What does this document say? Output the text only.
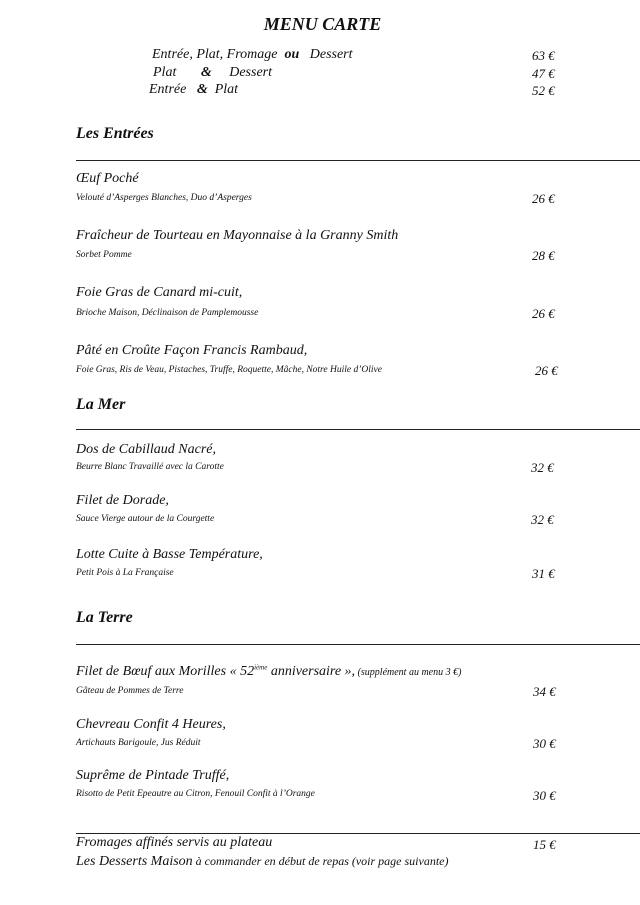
MENU CARTE
Entrée, Plat, Fromage ou Dessert	63 €
Plat & Dessert	47 €
Entrée & Plat	52 €
Les Entrées
Œuf Poché
Velouté d’Asperges Blanches, Duo d’Asperges	26 €
Fraîcheur de Tourteau en Mayonnaise à la Granny Smith
Sorbet Pomme	28 €
Foie Gras de Canard mi-cuit,
Brioche Maison, Déclinaison de Pamplemousse	26 €
Pâté en Croûte Façon Francis Rambaud,
Foie Gras, Ris de Veau, Pistaches, Truffe, Roquette, Mâche, Notre Huile d’Olive	26 €
La Mer
Dos de Cabillaud Nacré,
Beurre Blanc Travaillé avec la Carotte	32 €
Filet de Dorade,
Sauce Vierge autour de la Courgette	32 €
Lotte Cuite à Basse Température,
Petit Pois à La Française	31 €
La Terre
Filet de Bœuf aux Morilles « 52ième anniversaire », (supplément au menu 3 €)
Gâteau de Pommes de Terre	34 €
Chevreau Confit 4 Heures,
Artichauts Barigoule, Jus Réduit	30 €
Suprême de Pintade Truffé,
Risotto de Petit Epeautre au Citron, Fenouil Confit à l’Orange	30 €
Fromages affinés servis au plateau	15 €
Les Desserts Maison à commander en début de repas (voir page suivante)
